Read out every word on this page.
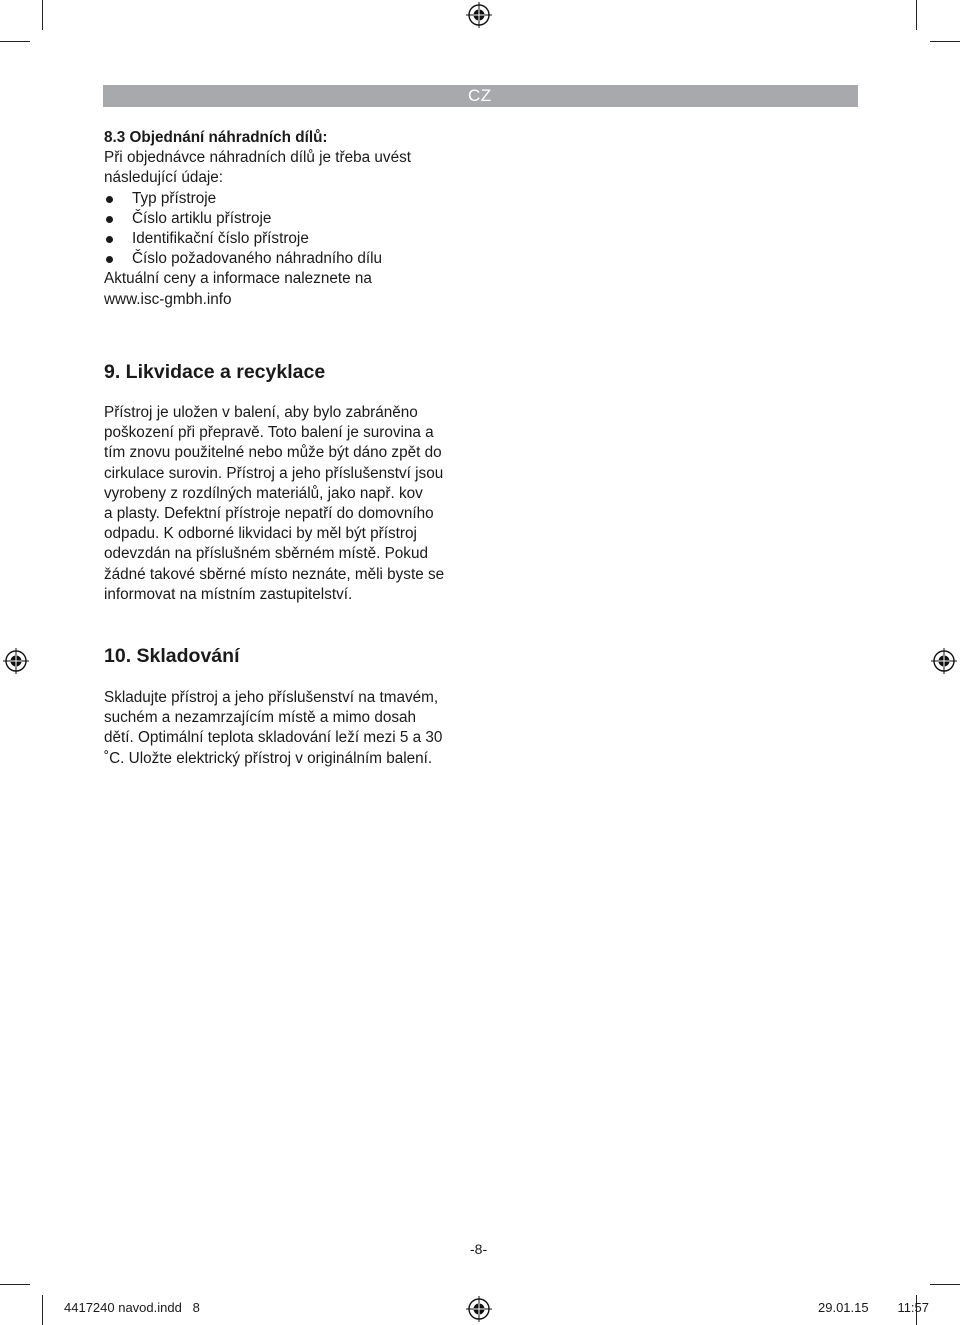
CZ

8.3 Objednání náhradních dílů:

Při objednávce náhradních dílů je třeba uvést

následující údaje:

Typ přístroje
Číslo artiklu přístroje
Identifikační číslo přístroje
Číslo požadovaného náhradního dílu

Aktuální ceny a informace naleznete na

www.isc-gmbh.info

9. Likvidace a recyklace

Přístroj je uložen v balení, aby bylo zabráněno

poškození při přepravě. Toto balení je surovina a

tím znovu použitelné nebo může být dáno zpět do

cirkulace surovin. Přístroj a jeho příslušenství jsou

vyrobeny z rozdílných materiálů, jako např. kov

a plasty. Defektní přístroje nepatří do domovního

odpadu. K odborné likvidaci by měl být přístroj

odevzdán na příslušném sběrném místě. Pokud

žádné takové sběrné místo neznáte, měli byste se

informovat na místním zastupitelství.

10. Skladování

Skladujte přístroj a jeho příslušenství na tmavém,

suchém a nezamrzajícím místě a mimo dosah

dětí. Optimální teplota skladování leží mezi 5 a 30

˚C. Uložte elektrický přístroj v originálním balení.

-8-
4417240 navod.indd   8	29.01.15   11:57
